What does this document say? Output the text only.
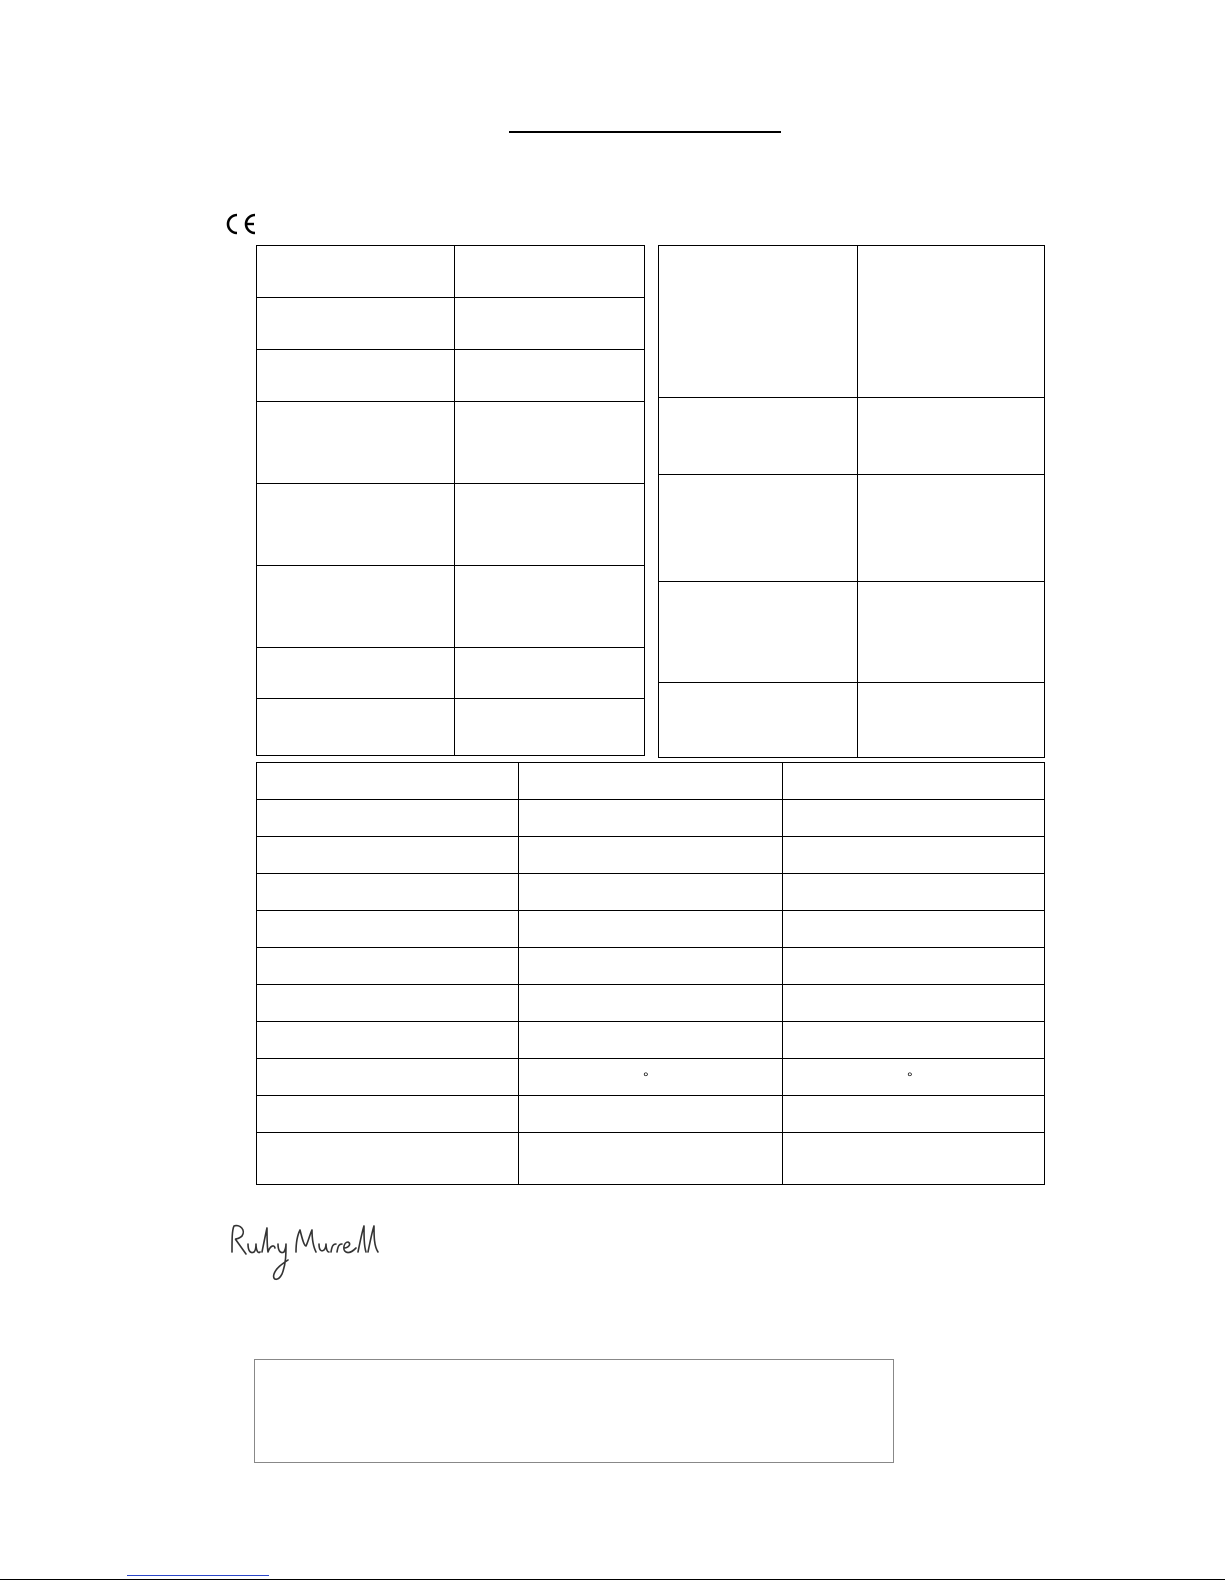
	°	°
